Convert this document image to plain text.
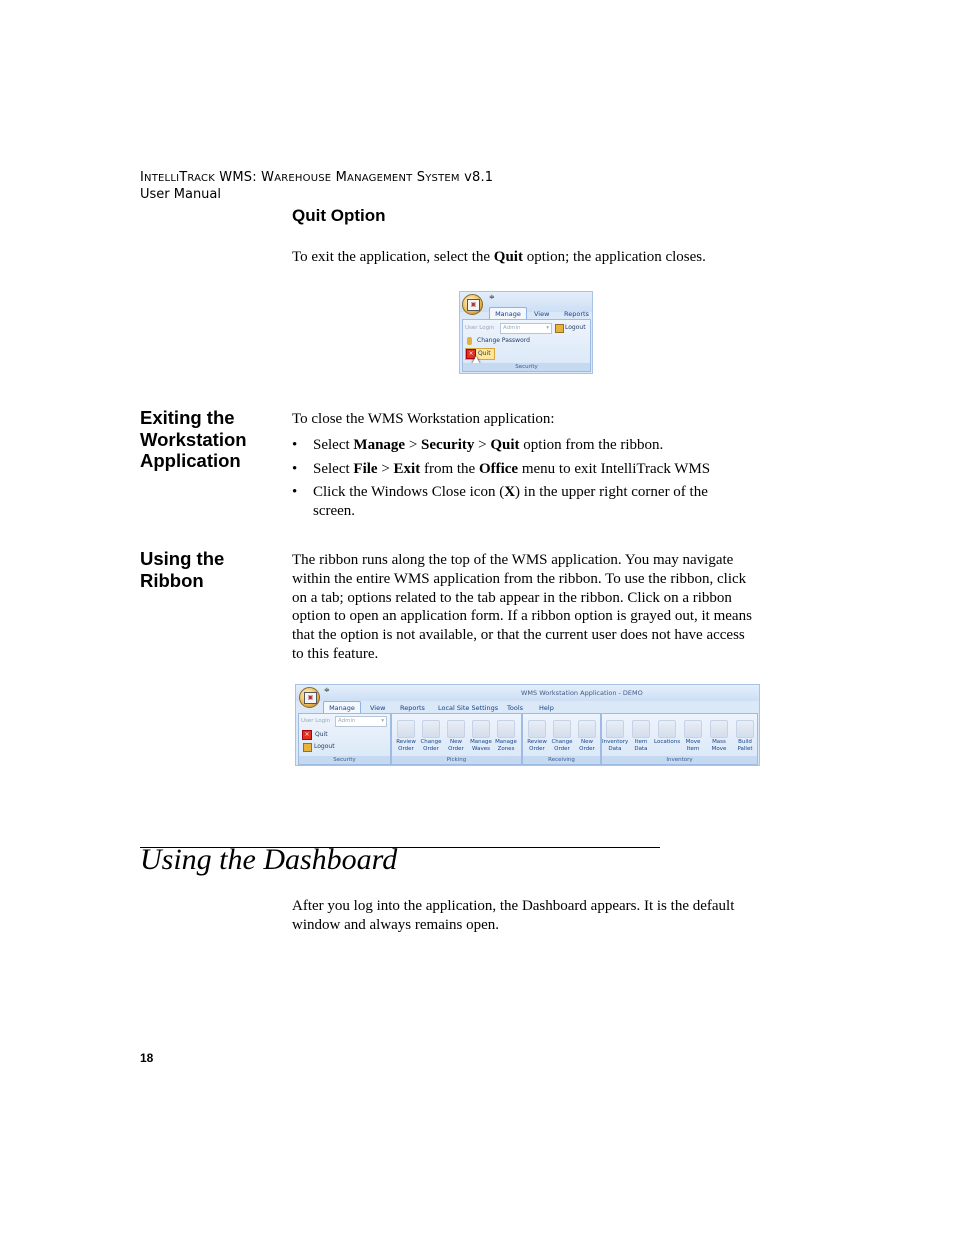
INTELLITRACK WMS: WAREHOUSE MANAGEMENT SYSTEM v8.1
User Manual
Quit Option
To exit the application, select the Quit option; the application closes.
▣
≑
Manage	View Reports
User Login	Admin	▾	Logout
Change Password
× Quit
Security
Exiting the Workstation Application
To close the WMS Workstation application:
• Select Manage > Security > Quit option from the ribbon.
• Select File > Exit from the Office menu to exit IntelliTrack WMS
• Click the Windows Close icon (X) in the upper right corner of the screen.
Using the Ribbon
The ribbon runs along the top of the WMS application. You may navigate within the entire WMS application from the ribbon. To use the ribbon, click on a tab; options related to the tab appear in the ribbon. Click on a ribbon option to open an application form. If a ribbon option is grayed out, it means that the option is not available, or that the current user does not have access to this feature.
▣
≑	WMS Workstation Application - DEMO
Manage	View Reports Local Site Settings Tools Help
User Login	Admin	▾
× Quit
Logout
Security
Review
Order
Change
Order
New
Order
Manage
Waves
Manage
Zones
Picking
Review
Order
Change
Order
New
Order
Receiving
Inventory
Data
Item
Data
Locations
Move
Item
Mass
Move
Build
Pallet
Inventory
Using the Dashboard
After you log into the application, the Dashboard appears. It is the default window and always remains open.
18
